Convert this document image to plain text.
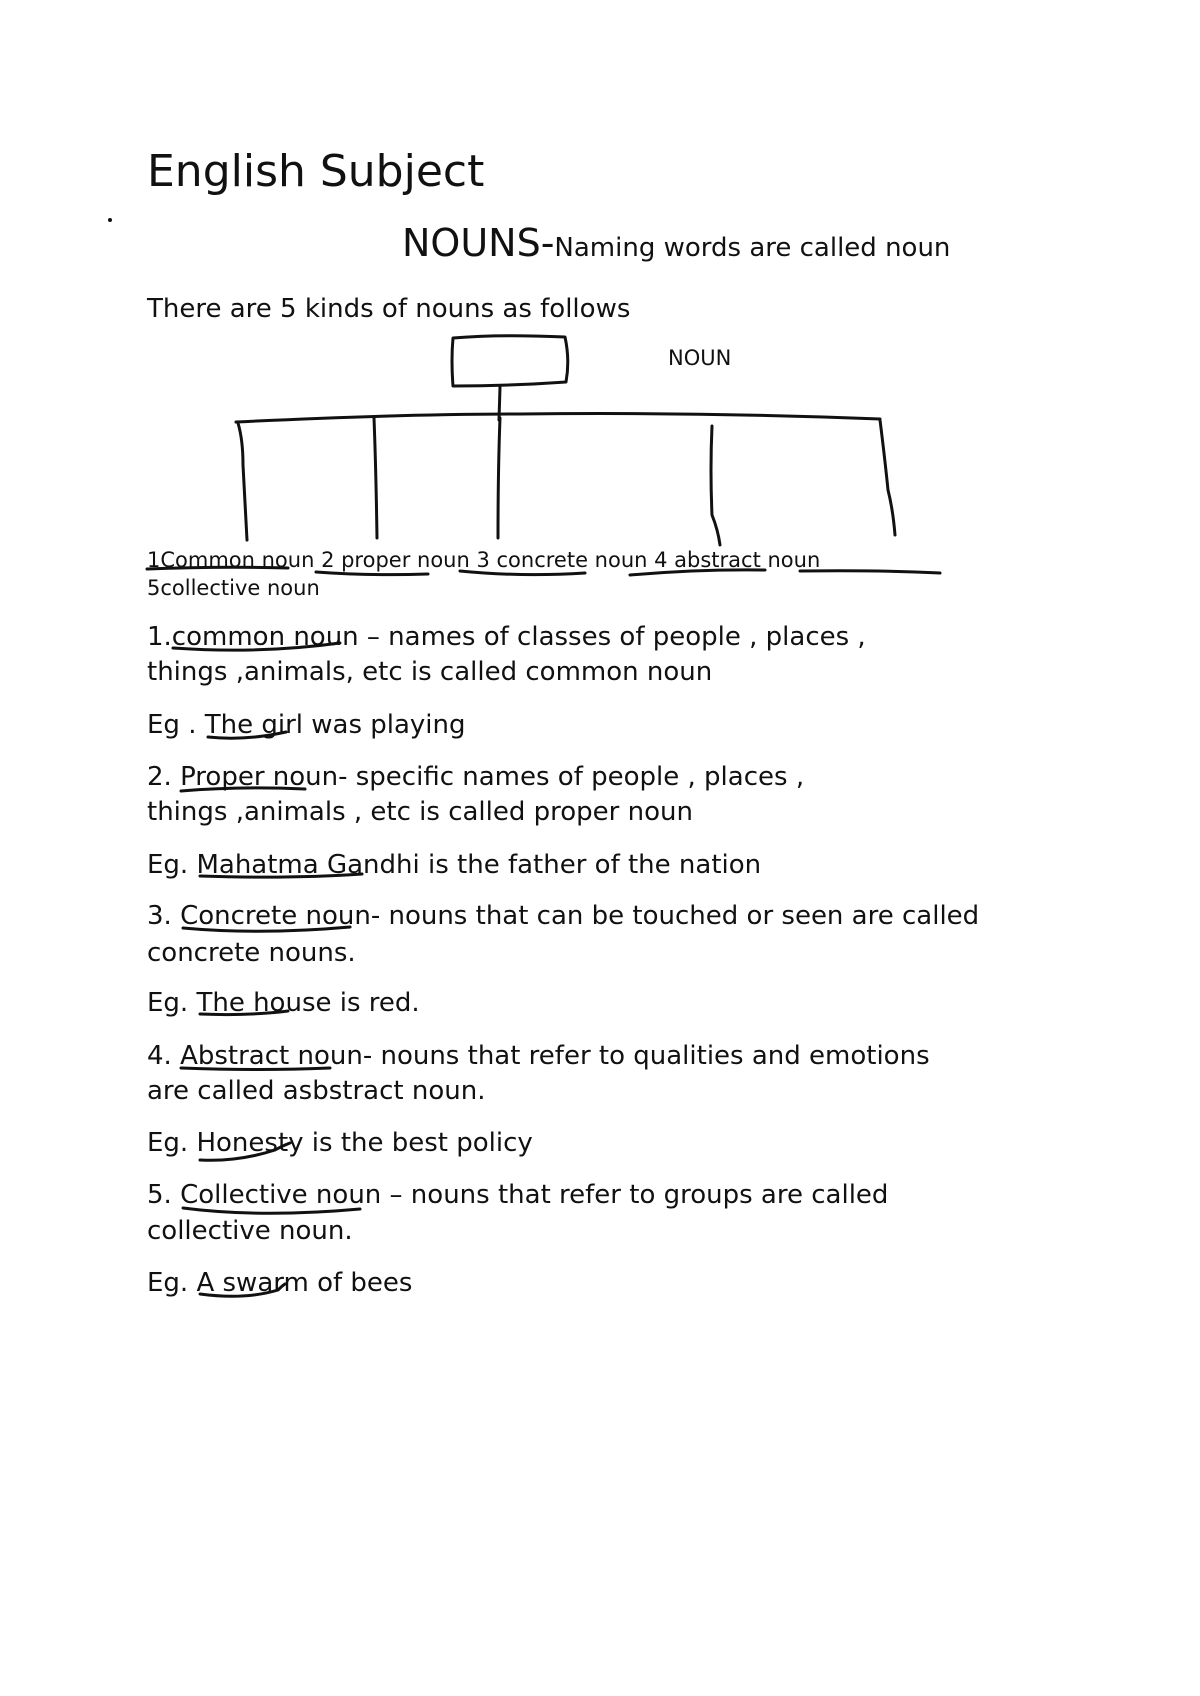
English Subject
NOUNS-Naming words are called noun
There are 5 kinds of nouns as follows
NOUN
1Common noun 2 proper noun 3 concrete noun 4 abstract noun
5collective noun
1.common noun – names of classes of people , places ,
things ,animals, etc is called common noun
Eg . The girl was playing
2. Proper noun- specific names of people , places ,
things ,animals , etc is called proper noun
Eg. Mahatma Gandhi is the father of the nation
3. Concrete noun- nouns that can be touched or seen are called
concrete nouns.
Eg. The house is red.
4. Abstract noun- nouns that refer to qualities and emotions
are called asbstract noun.
Eg. Honesty is the best policy
5. Collective noun – nouns that refer to groups are called
collective noun.
Eg. A swarm of bees
